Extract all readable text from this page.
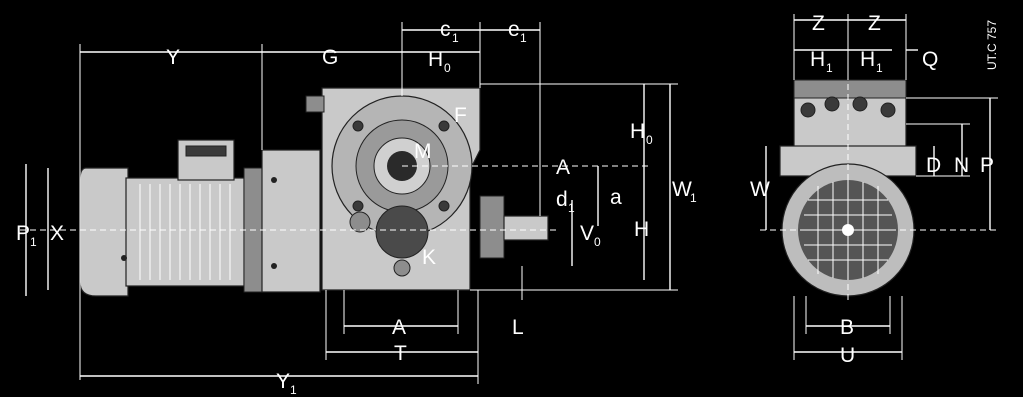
Y	G
c 1 e 1
H 0
F
M
A
H 0
a
d 1
V 0
H
W
1
P 1 X
K
L
A
T
Y 1
Z Z
H 1 H 1 Q
D N P
W
B
U
UT.C 757
